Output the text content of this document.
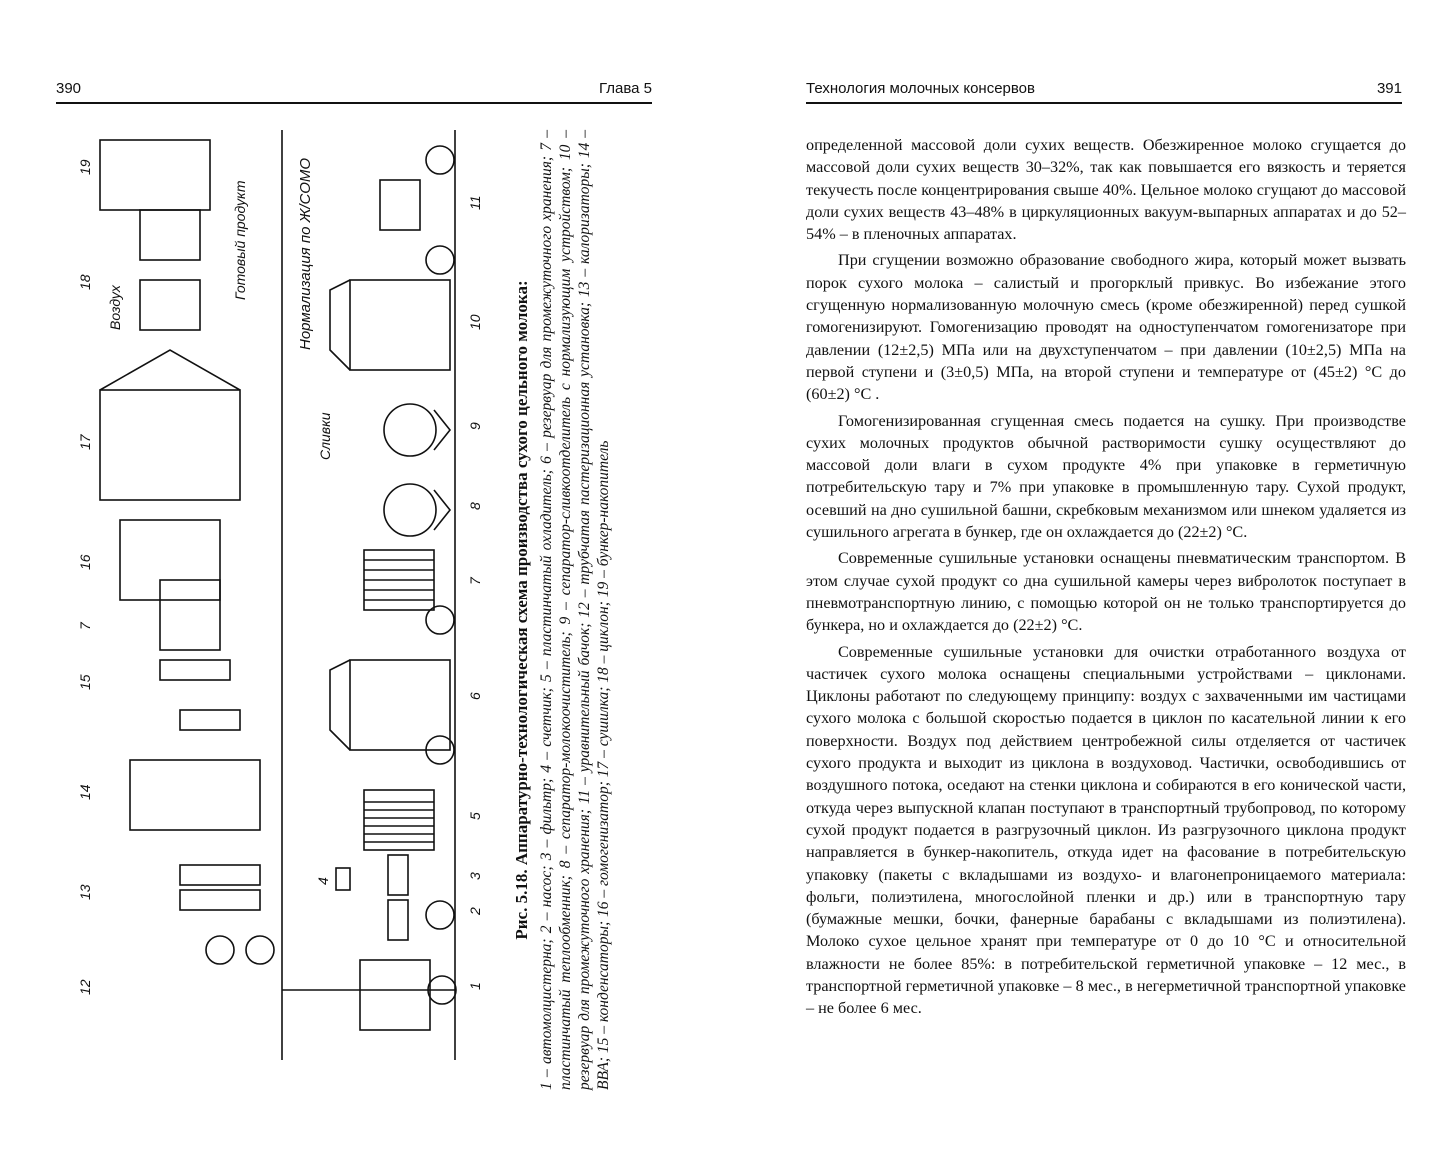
390	Глава 5
1
2
3
4
5
6
7
8
9
10
11
12
13
14
15
16
7
17
18
19	Нормализация по Ж/СОМО
Сливки
Воздух
Готовый продукт

Рис. 5.18. Аппаратурно-технологическая схема производства сухого цельного молока: 1 – автомолцистерна; 2 – насос; 3 – фильтр; 4 – счетчик; 5 – пластинчатый охладитель; 6 – резервуар для промежуточного хранения; 7 – пластинчатый теплообменник; 8 – сепаратор-молокоочиститель; 9 – сепаратор-сливкоотделитель с нормализующим устройством; 10 – резервуар для промежуточного хранения; 11 – уравнительный бачок; 12 – трубчатая пастеризационная установка; 13 – калоризаторы; 14 – ВВА; 15 – конденсаторы; 16 – гомогенизатор; 17 – сушилка; 18 – циклон; 19 – бункер-накопитель

Технология молочных консервов	391

определенной массовой доли сухих веществ. Обезжиренное молоко сгущается до массовой доли сухих веществ 30–32%, так как повышается его вязкость и теряется текучесть после концентрирования свыше 40%. Цельное молоко сгущают до массовой доли сухих веществ 43–48% в циркуляционных вакуум-выпарных аппаратах и до 52–54% – в пленочных аппаратах.

При сгущении возможно образование свободного жира, который может вызвать порок сухого молока – салистый и прогорклый привкус. Во избежание этого сгущенную нормализованную молочную смесь (кроме обезжиренной) перед сушкой гомогенизируют. Гомогенизацию проводят на одноступенчатом гомогенизаторе при давлении (12±2,5) МПа или на двухступенчатом – при давлении (10±2,5) МПа на первой ступени и (3±0,5) МПа, на второй ступени и температуре от (45±2) °С до (60±2) °С .

Гомогенизированная сгущенная смесь подается на сушку. При производстве сухих молочных продуктов обычной растворимости сушку осуществляют до массовой доли влаги в сухом продукте 4% при упаковке в герметичную потребительскую тару и 7% при упаковке в промышленную тару. Сухой продукт, осевший на дно сушильной башни, скребковым механизмом или шнеком удаляется из сушильного агрегата в бункер, где он охлаждается до (22±2) °С.

Современные сушильные установки оснащены пневматическим транспортом. В этом случае сухой продукт со дна сушильной камеры через вибролоток поступает в пневмотранспортную линию, с помощью которой он не только транспортируется до бункера, но и охлаждается до (22±2) °С.

Современные сушильные установки для очистки отработанного воздуха от частичек сухого молока оснащены специальными устройствами – циклонами. Циклоны работают по следующему принципу: воздух с захваченными им частицами сухого молока с большой скоростью подается в циклон по касательной линии к его поверхности. Воздух под действием центробежной силы отделяется от частичек сухого продукта и выходит из циклона в воздуховод. Частички, освободившись от воздушного потока, оседают на стенки циклона и собираются в его конической части, откуда через выпускной клапан поступают в транспортный трубопровод, по которому сухой продукт подается в разгрузочный циклон. Из разгрузочного циклона продукт направляется в бункер-накопитель, откуда идет на фасование в потребительскую упаковку (пакеты с вкладышами из воздухо- и влагонепроницаемого материала: фольги, полиэтилена, многослойной пленки и др.) или в транспортную тару (бумажные мешки, бочки, фанерные барабаны с вкладышами из полиэтилена). Молоко сухое цельное хранят при температуре от 0 до 10 °С и относительной влажности не более 85%: в потребительской герметичной упаковке – 12 мес., в транспортной герметичной упаковке – 8 мес., в негерметичной транспортной упаковке – не более 6 мес.
